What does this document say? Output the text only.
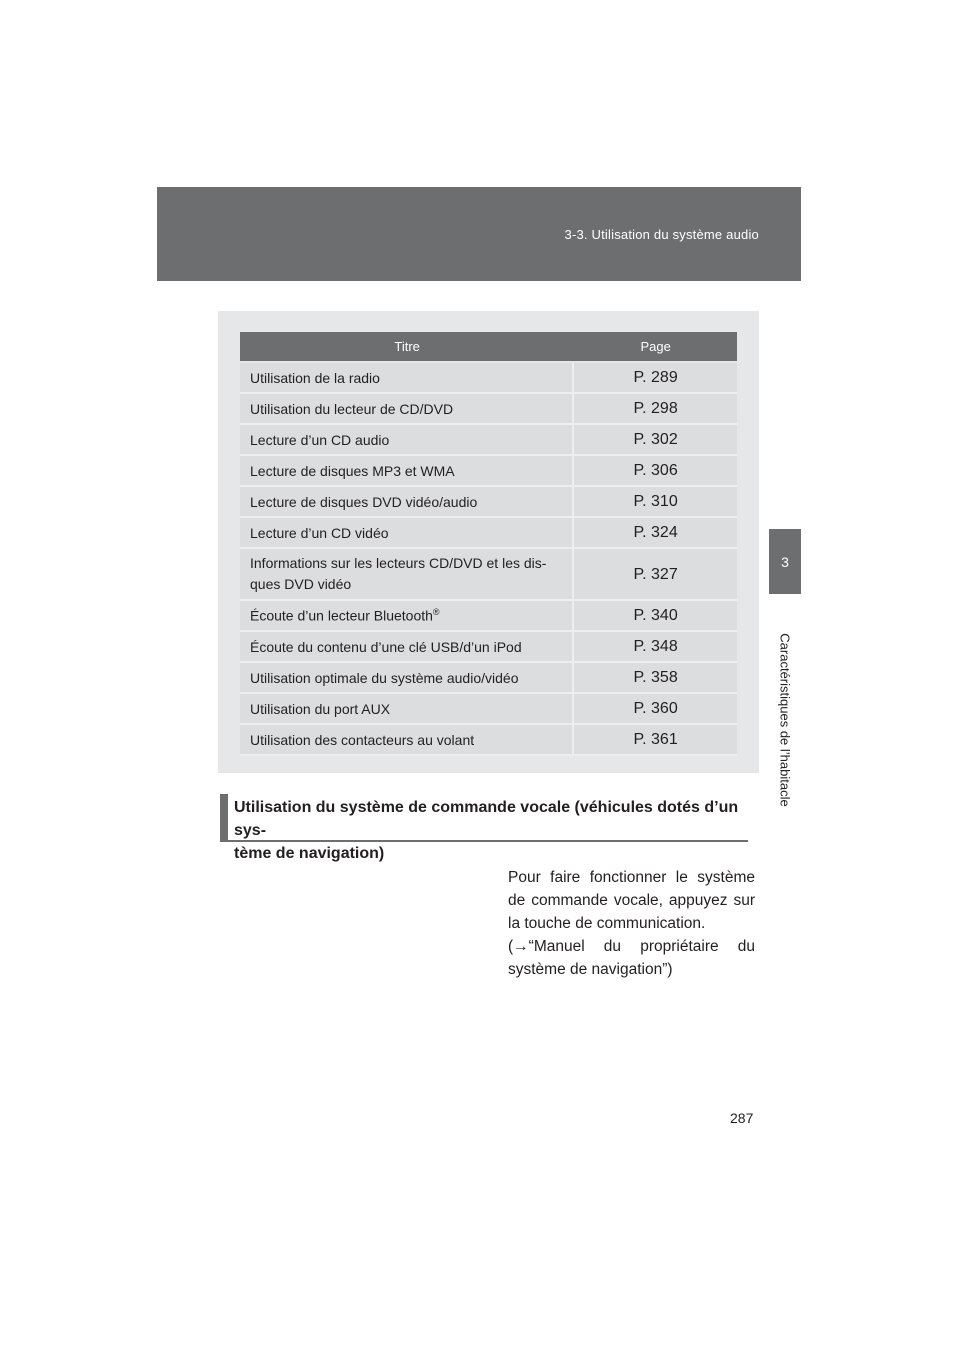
3-3. Utilisation du système audio
3
Caractéristiques de l’habitacle
Titre	Page
Utilisation de la radio	P. 289
Utilisation du lecteur de CD/DVD	P. 298
Lecture d’un CD audio	P. 302
Lecture de disques MP3 et WMA	P. 306
Lecture de disques DVD vidéo/audio	P. 310
Lecture d’un CD vidéo	P. 324
Informations sur les lecteurs CD/DVD et les dis-
ques DVD vidéo	P. 327
Écoute d’un lecteur Bluetooth®	P. 340
Écoute du contenu d’une clé USB/d’un iPod	P. 348
Utilisation optimale du système audio/vidéo	P. 358
Utilisation du port AUX	P. 360
Utilisation des contacteurs au volant	P. 361
Utilisation du système de commande vocale (véhicules dotés d’un sys-
tème de navigation)

Pour faire fonctionner le système de commande vocale, appuyez sur la touche de communication.

(→“Manuel du propriétaire du système de navigation”)

287
